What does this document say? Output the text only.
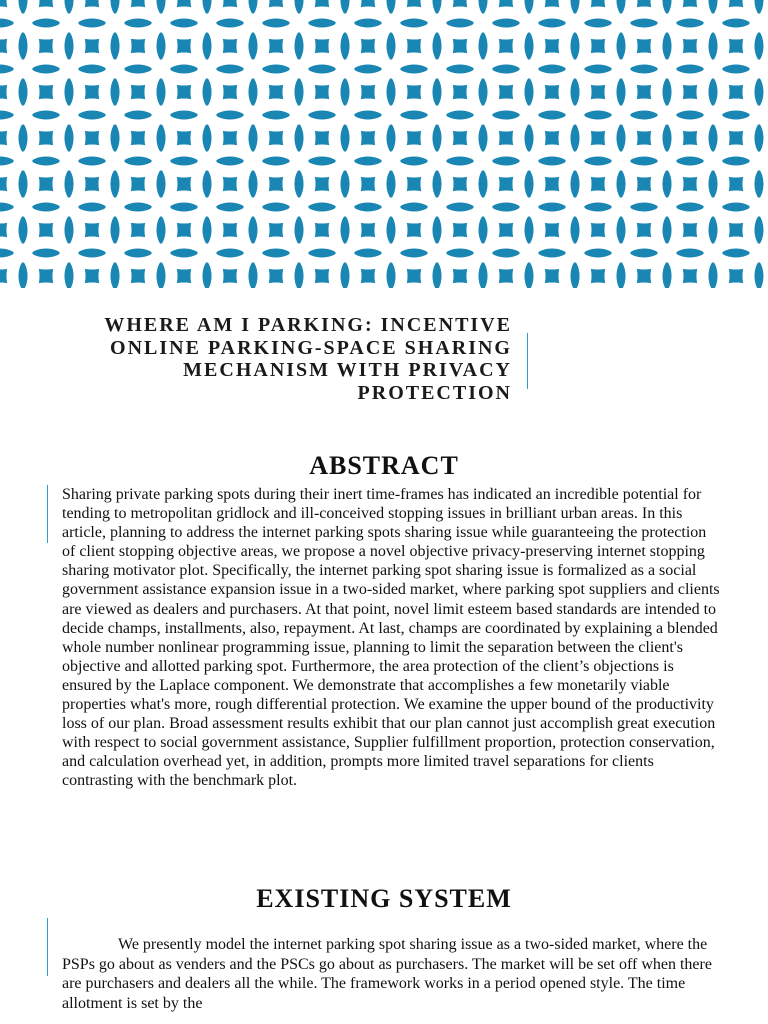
WHERE AM I PARKING: INCENTIVE ONLINE PARKING-SPACE SHARING MECHANISM WITH PRIVACY PROTECTION
ABSTRACT
Sharing private parking spots during their inert time-frames has indicated an incredible potential for tending to metropolitan gridlock and ill-conceived stopping issues in brilliant urban areas. In this article, planning to address the internet parking spots sharing issue while guaranteeing the protection of client stopping objective areas, we propose a novel objective privacy-preserving internet stopping sharing motivator plot. Specifically, the internet parking spot sharing issue is formalized as a social government assistance expansion issue in a two-sided market, where parking spot suppliers and clients are viewed as dealers and purchasers. At that point, novel limit esteem based standards are intended to decide champs, installments, also, repayment. At last, champs are coordinated by explaining a blended whole number nonlinear programming issue, planning to limit the separation between the client's objective and allotted parking spot. Furthermore, the area protection of the client’s objections is ensured by the Laplace component. We demonstrate that accomplishes a few monetarily viable properties what's more, rough differential protection. We examine the upper bound of the productivity loss of our plan. Broad assessment results exhibit that our plan cannot just accomplish great execution with respect to social government assistance, Supplier fulfillment proportion, protection conservation, and calculation overhead yet, in addition, prompts more limited travel separations for clients contrasting with the benchmark plot.
EXISTING SYSTEM
We presently model the internet parking spot sharing issue as a two-sided market, where the PSPs go about as venders and the PSCs go about as purchasers. The market will be set off when there are purchasers and dealers all the while. The framework works in a period opened style. The time allotment is set by the
